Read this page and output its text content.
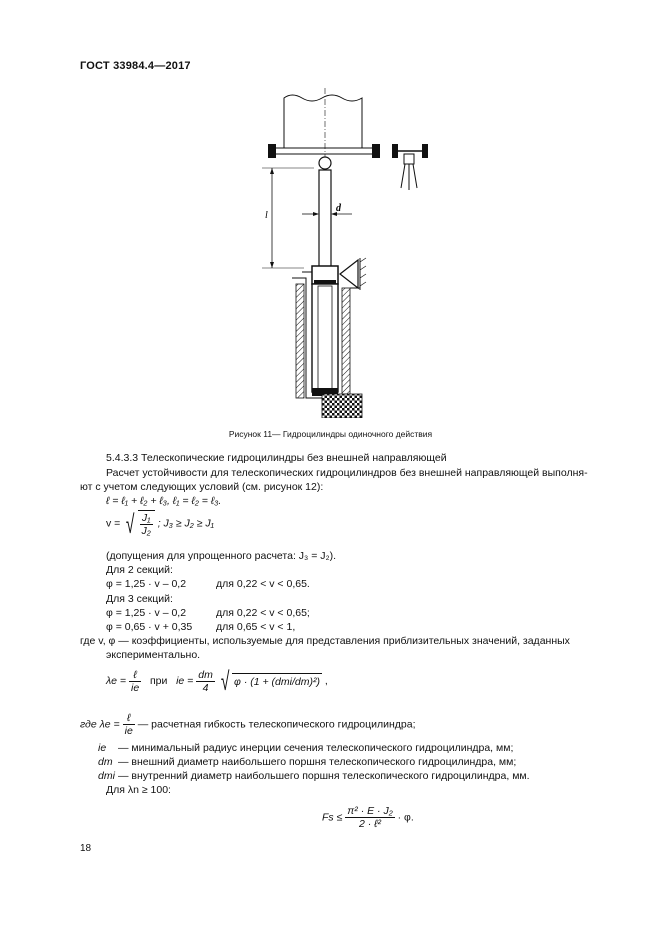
ГОСТ 33984.4—2017
l
d
Рисунок 11— Гидроцилиндры одиночного действия
5.4.3.3 Телескопические гидроцилиндры без внешней направляющей
Расчет устойчивости для телескопических гидроцилиндров без внешней направляющей выполня-
ют с учетом следующих условий (см. рисунок 12):
ℓ = ℓ₁ + ℓ₂ + ℓ₃, ℓ₁ = ℓ₂ = ℓ₃.
v = √ $\frac{\text{J₁}}{\text{J₂}}$ ; J₃ ≥ J₂ ≥ J₁
(допущения для упрощенного расчета: J₃ = J₂).
Для 2 секций:
φ = 1,25 · v – 0,2	для 0,22 < v < 0,65.
Для 3 секций:
φ = 1,25 · v – 0,2	для 0,22 < v < 0,65;
φ = 0,65 · v + 0,35 для 0,65 < v < 1,
где v, φ — коэффициенты, используемые для представления приблизительных значений, заданных
экспериментально.
$\lambda e = \frac{\text{ℓ}}{ie}$ при ie = $\frac{dm}{4}$ √ φ · (1 + (dmi/dm)²) ,
где $\lambda e = \frac{\text{ℓ}}{ie}$ — расчетная гибкость телескопического гидроцилиндра;
ie — минимальный радиус инерции сечения телескопического гидроцилиндра, мм;
dm — внешний диаметр наибольшего поршня телескопического гидроцилиндра, мм;
dmi — внутренний диаметр наибольшего поршня телескопического гидроцилиндра, мм.
Для λn ≥ 100:
$Fs \le \frac{\text{π² · E · J₂}}{\text{2 · ℓ²}} \cdot \varphi$.
18
